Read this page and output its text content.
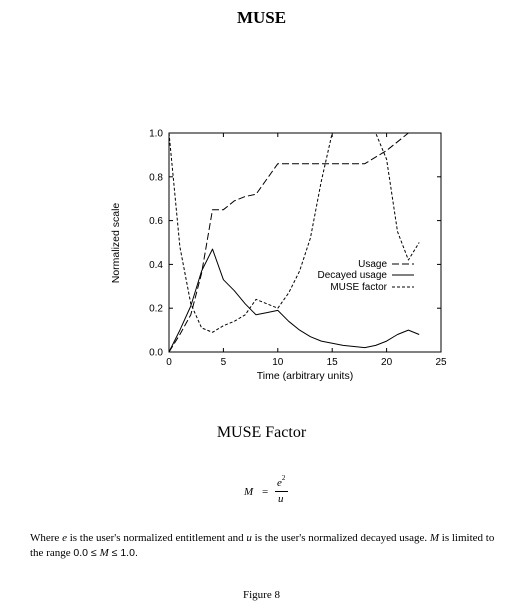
MUSE
0	5	10	15	20	25
0.0
0.2
0.4
0.6
0.8
1.0
Time (arbitrary units)
Normalized scale	Usage
Decayed usage
MUSE factor
MUSE Factor
M =
$e^2$
u
Where e is the user's normalized entitlement and u is the user's normalized decayed usage. M is limited to the range 0.0 ≤ M ≤ 1.0.
Figure 8
